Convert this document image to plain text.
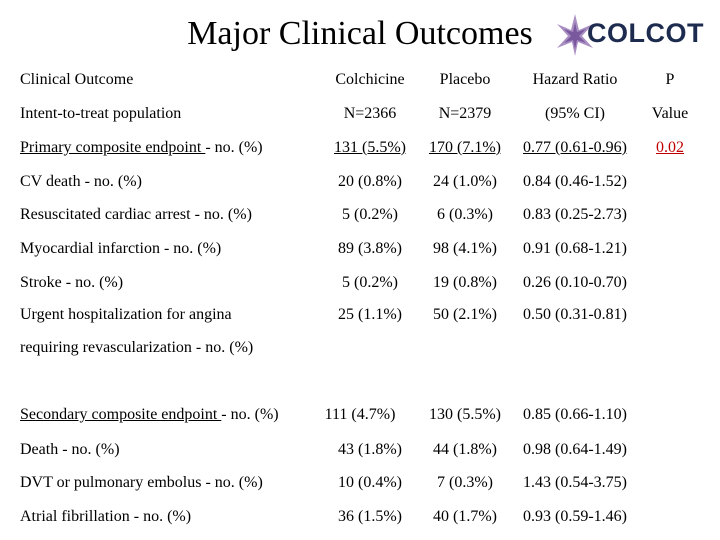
Major Clinical Outcomes	COLCOT
Clinical Outcome	Colchicine	Placebo	Hazard Ratio	P
Intent-to-treat population	N=2366	N=2379	(95% CI)	Value
Primary composite endpoint - no. (%)	131 (5.5%)	170 (7.1%)	0.77 (0.61-0.96)	0.02
CV death - no. (%)	20 (0.8%)	24 (1.0%)	0.84 (0.46-1.52)
Resuscitated cardiac arrest - no. (%)	5 (0.2%)	6 (0.3%)	0.83 (0.25-2.73)
Myocardial infarction - no. (%)	89 (3.8%)	98 (4.1%)	0.91 (0.68-1.21)
Stroke - no. (%)	5 (0.2%)	19 (0.8%)	0.26 (0.10-0.70)
Urgent hospitalization for angina	25 (1.1%)	50 (2.1%)	0.50 (0.31-0.81)
requiring revascularization - no. (%)
Secondary composite endpoint - no. (%)	111 (4.7%)	130 (5.5%)	0.85 (0.66-1.10)
Death - no. (%)	43 (1.8%)	44 (1.8%)	0.98 (0.64-1.49)
DVT or pulmonary embolus - no. (%)	10 (0.4%)	7 (0.3%)	1.43 (0.54-3.75)
Atrial fibrillation - no. (%)	36 (1.5%)	40 (1.7%)	0.93 (0.59-1.46)
